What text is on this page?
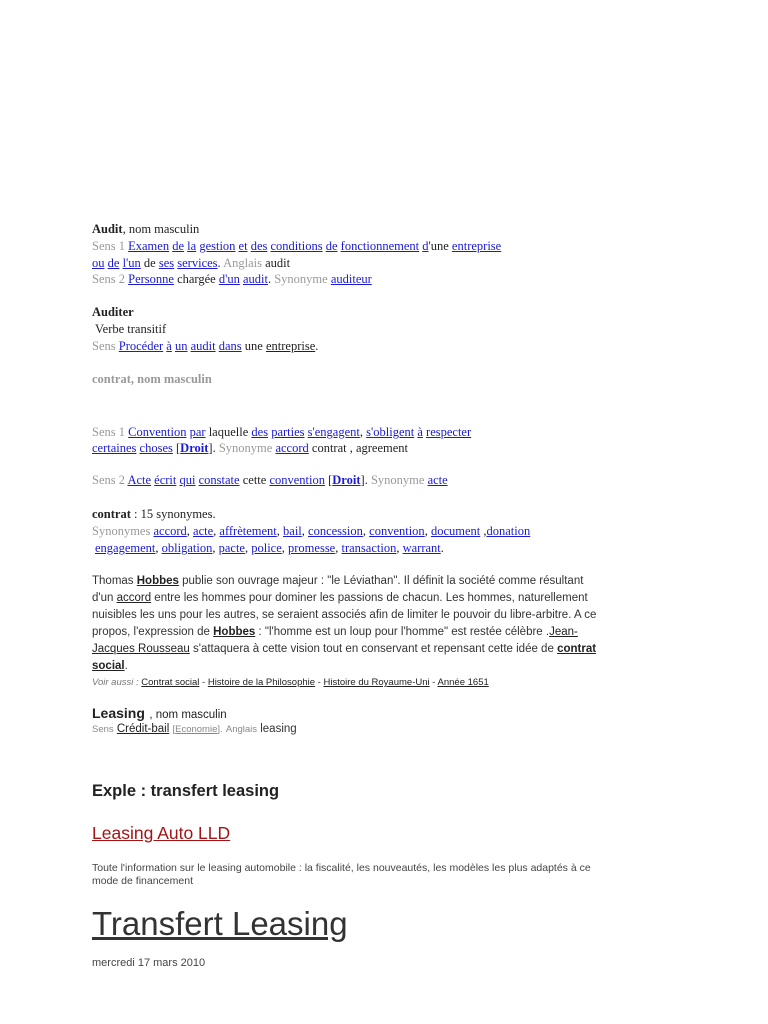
Audit, nom masculin
Sens 1 Examen de la gestion et des conditions de fonctionnement d'une entreprise
ou de l'un de ses services. Anglais audit
Sens 2 Personne chargée d'un audit. Synonyme auditeur
Auditer
Verbe transitif
Sens Procéder à un audit dans une entreprise.
contrat, nom masculin
Sens 1 Convention par laquelle des parties s'engagent, s'obligent à respecter
certaines choses [Droit]. Synonyme accord contrat , agreement
Sens 2 Acte écrit qui constate cette convention [Droit]. Synonyme acte
contrat : 15 synonymes.
Synonymes accord, acte, affrètement, bail, concession, convention, document ,donation
engagement, obligation, pacte, police, promesse, transaction, warrant.
Thomas Hobbes publie son ouvrage majeur : "le Léviathan". Il définit la société comme résultant
d'un accord entre les hommes pour dominer les passions de chacun. Les hommes, naturellement
nuisibles les uns pour les autres, se seraient associés afin de limiter le pouvoir du libre-arbitre. A ce
propos, l'expression de Hobbes : "l'homme est un loup pour l'homme" est restée célèbre .Jean-
Jacques Rousseau s'attaquera à cette vision tout en conservant et repensant cette idée de contrat
social.
Voir aussi : Contrat social - Histoire de la Philosophie - Histoire du Royaume-Uni - Année 1651
Leasing , nom masculin
Sens Crédit-bail [Economie]. Anglais leasing
Exple : transfert leasing
Leasing Auto LLD
Toute l'information sur le leasing automobile : la fiscalité, les nouveautés, les modèles les plus adaptés à ce
mode de financement
Transfert Leasing
mercredi 17 mars 2010
